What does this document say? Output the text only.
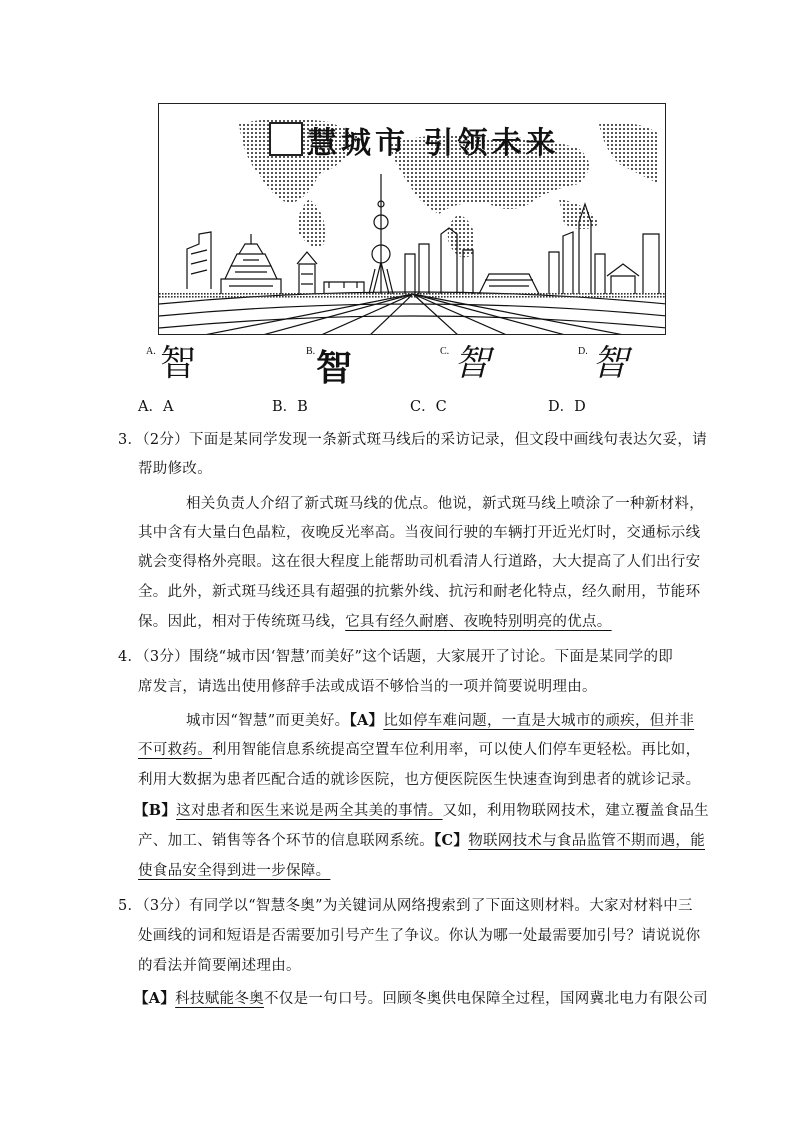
慧城市 引领未来
A. 智	B. 智	C. 智	D. 智
A．A	B．B	C．C	D．D
3．（2分）下面是某同学发现一条新式斑马线后的采访记录，但文段中画线句表达欠妥，请
帮助修改。
相关负责人介绍了新式斑马线的优点。他说，新式斑马线上喷涂了一种新材料，
其中含有大量白色晶粒，夜晚反光率高。当夜间行驶的车辆打开近光灯时，交通标示线
就会变得格外亮眼。这在很大程度上能帮助司机看清人行道路，大大提高了人们出行安
全。此外，新式斑马线还具有超强的抗紫外线、抗污和耐老化特点，经久耐用，节能环
保。因此，相对于传统斑马线，它具有经久耐磨、夜晚特别明亮的优点。
4．（3分）围绕“城市因‘智慧’而美好”这个话题，大家展开了讨论。下面是某同学的即
席发言，请选出使用修辞手法或成语不够恰当的一项并简要说明理由。
城市因“智慧”而更美好。【A】比如停车难问题，一直是大城市的顽疾，但并非
不可救药。利用智能信息系统提高空置车位利用率，可以使人们停车更轻松。再比如，
利用大数据为患者匹配合适的就诊医院，也方便医院医生快速查询到患者的就诊记录。
【B】这对患者和医生来说是两全其美的事情。又如，利用物联网技术，建立覆盖食品生
产、加工、销售等各个环节的信息联网系统。【C】物联网技术与食品监管不期而遇，能
使食品安全得到进一步保障。
5．（3分）有同学以“智慧冬奥”为关键词从网络搜索到了下面这则材料。大家对材料中三
处画线的词和短语是否需要加引号产生了争议。你认为哪一处最需要加引号？请说说你
的看法并简要阐述理由。
【A】科技赋能冬奥不仅是一句口号。回顾冬奥供电保障全过程，国网冀北电力有限公司
